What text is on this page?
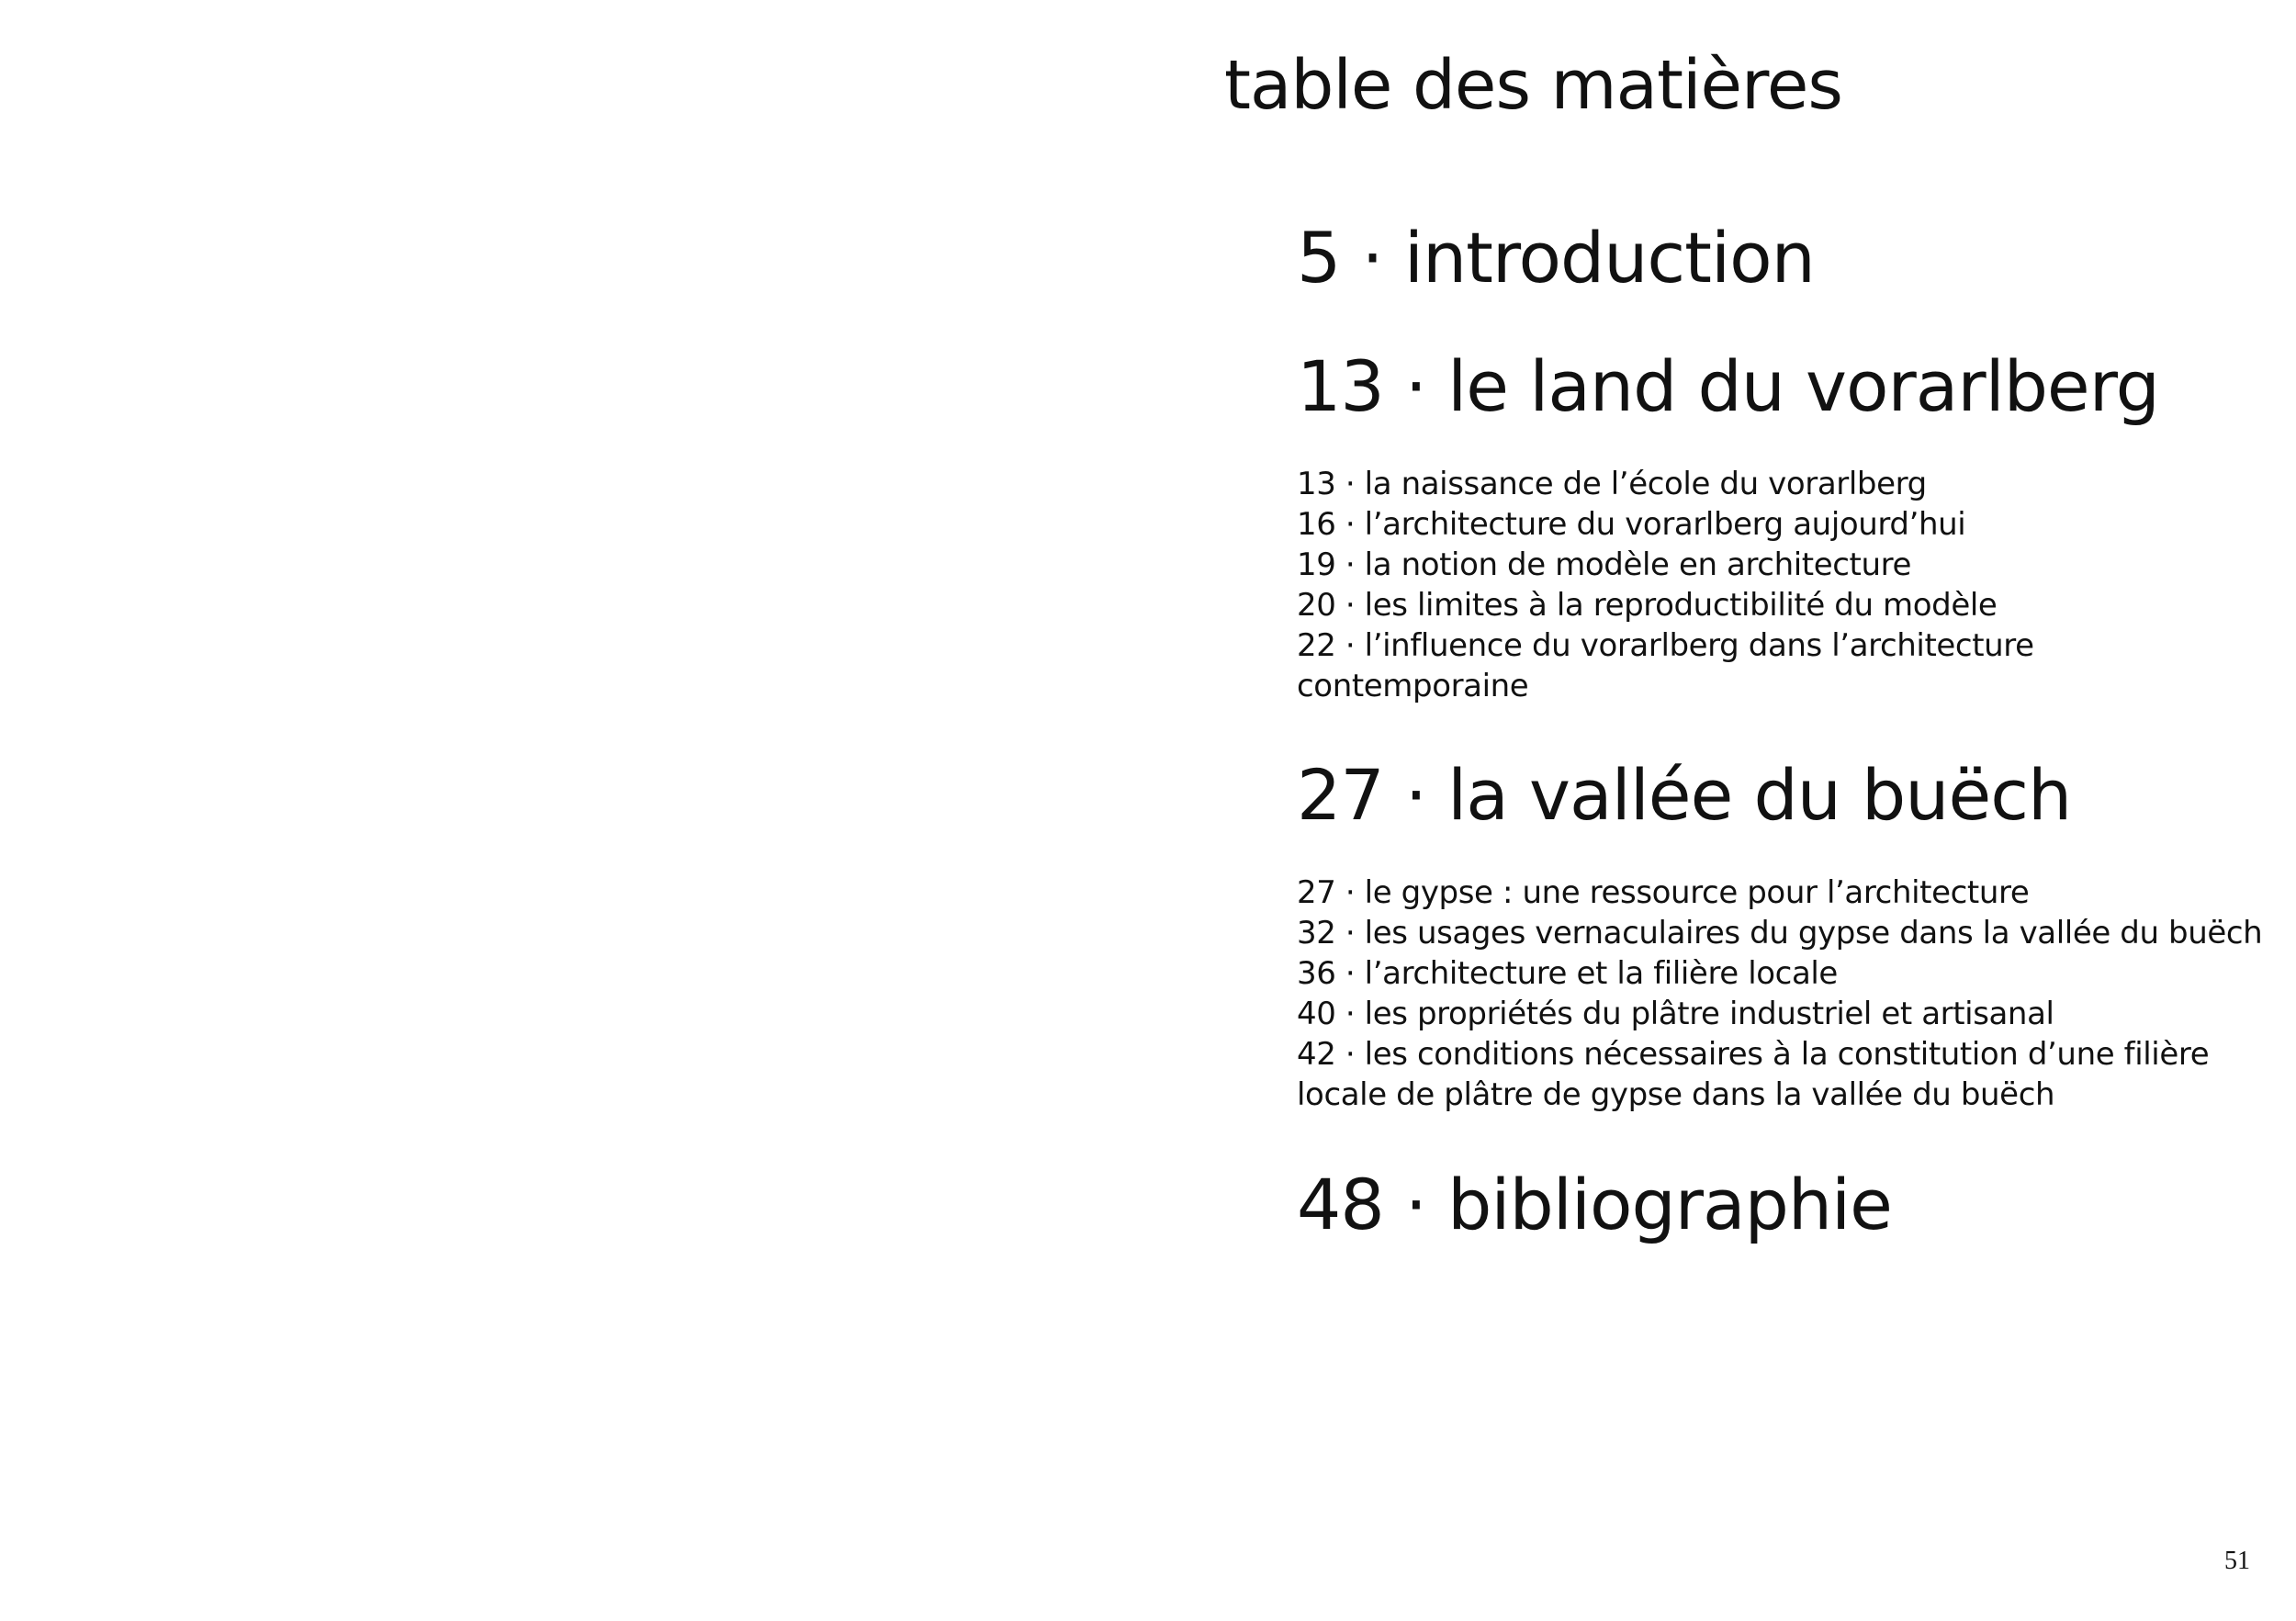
table des matières
5 · introduction
13 · le land du vorarlberg
13 · la naissance de l’école du vorarlberg
16 · l’architecture du vorarlberg aujourd’hui
19 · la notion de modèle en architecture
20 · les limites à la reproductibilité du modèle
22 · l’influence du vorarlberg dans l’architecture contemporaine
27 · la vallée du buëch
27 · le gypse : une ressource pour l’architecture
32 · les usages vernaculaires du gypse dans la vallée du buëch
36 · l’architecture et la filière locale
40 · les propriétés du plâtre industriel et artisanal
42 · les conditions nécessaires à la constitution d’une filière locale de plâtre de gypse dans la vallée du buëch
48 · bibliographie
51
